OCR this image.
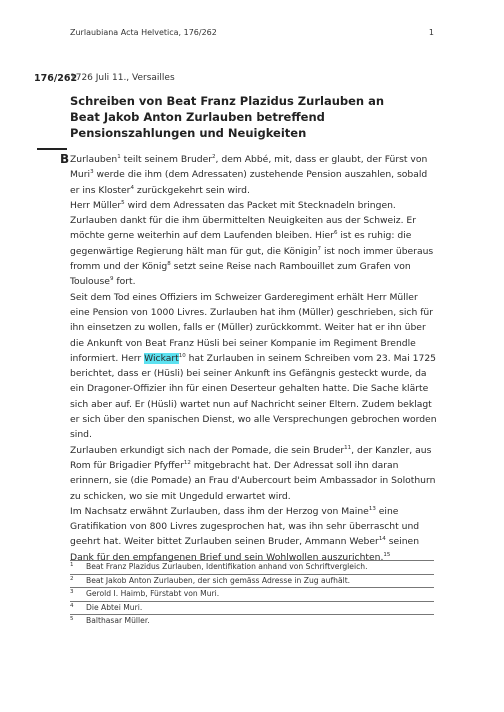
Zurlaubiana Acta Helvetica, 176/262	1
176/262
1726 Juli 11., Versailles
Schreiben von Beat Franz Plazidus Zurlauben an Beat Jakob Anton Zurlauben betreffend Pensionszahlungen und Neuigkeiten
B Zurlauben$^1$ teilt seinem Bruder$^2$, dem Abbé, mit, dass er glaubt, der Fürst von Muri$^3$ werde die ihm (dem Adressaten) zustehende Pension auszahlen, sobald er ins Kloster$^4$ zurückgekehrt sein wird.

Herr Müller$^5$ wird dem Adressaten das Packet mit Stecknadeln bringen. Zurlauben dankt für die ihm übermittelten Neuigkeiten aus der Schweiz. Er möchte gerne weiterhin auf dem Laufenden bleiben. Hier$^6$ ist es ruhig: die gegenwärtige Regierung hält man für gut, die Königin$^7$ ist noch immer überaus fromm und der König$^8$ setzt seine Reise nach Rambouillet zum Grafen von Toulouse$^9$ fort.

Seit dem Tod eines Offiziers im Schweizer Garderegiment erhält Herr Müller eine Pension von 1000 Livres. Zurlauben hat ihm (Müller) geschrieben, sich für ihn einsetzen zu wollen, falls er (Müller) zurückkommt. Weiter hat er ihn über die Ankunft von Beat Franz Hüsli bei seiner Kompanie im Regiment Brendle informiert. Herr Wickart$^{10}$ hat Zurlauben in seinem Schreiben vom 23. Mai 1725 berichtet, dass er (Hüsli) bei seiner Ankunft ins Gefängnis gesteckt wurde, da ein Dragoner-Offizier ihn für einen Deserteur gehalten hatte. Die Sache klärte sich aber auf. Er (Hüsli) wartet nun auf Nachricht seiner Eltern. Zudem beklagt er sich über den spanischen Dienst, wo alle Versprechungen gebrochen worden sind.

Zurlauben erkundigt sich nach der Pomade, die sein Bruder$^{11}$, der Kanzler, aus Rom für Brigadier Pfyffer$^{12}$ mitgebracht hat. Der Adressat soll ihn daran erinnern, sie (die Pomade) an Frau d'Aubercourt beim Ambassador in Solothurn zu schicken, wo sie mit Ungeduld erwartet wird.

Im Nachsatz erwähnt Zurlauben, dass ihm der Herzog von Maine$^{13}$ eine Gratifikation von 800 Livres zugesprochen hat, was ihn sehr überrascht und geehrt hat. Weiter bittet Zurlauben seinen Bruder, Ammann Weber$^{14}$ seinen Dank für den empfangenen Brief und sein Wohlwollen auszurichten.$^{15}$

1 Beat Franz Plazidus Zurlauben, Identifikation anhand von Schriftvergleich.
2 Beat Jakob Anton Zurlauben, der sich gemäss Adresse in Zug aufhält.
3 Gerold I. Haimb, Fürstabt von Muri.
4 Die Abtei Muri.
5 Balthasar Müller.
